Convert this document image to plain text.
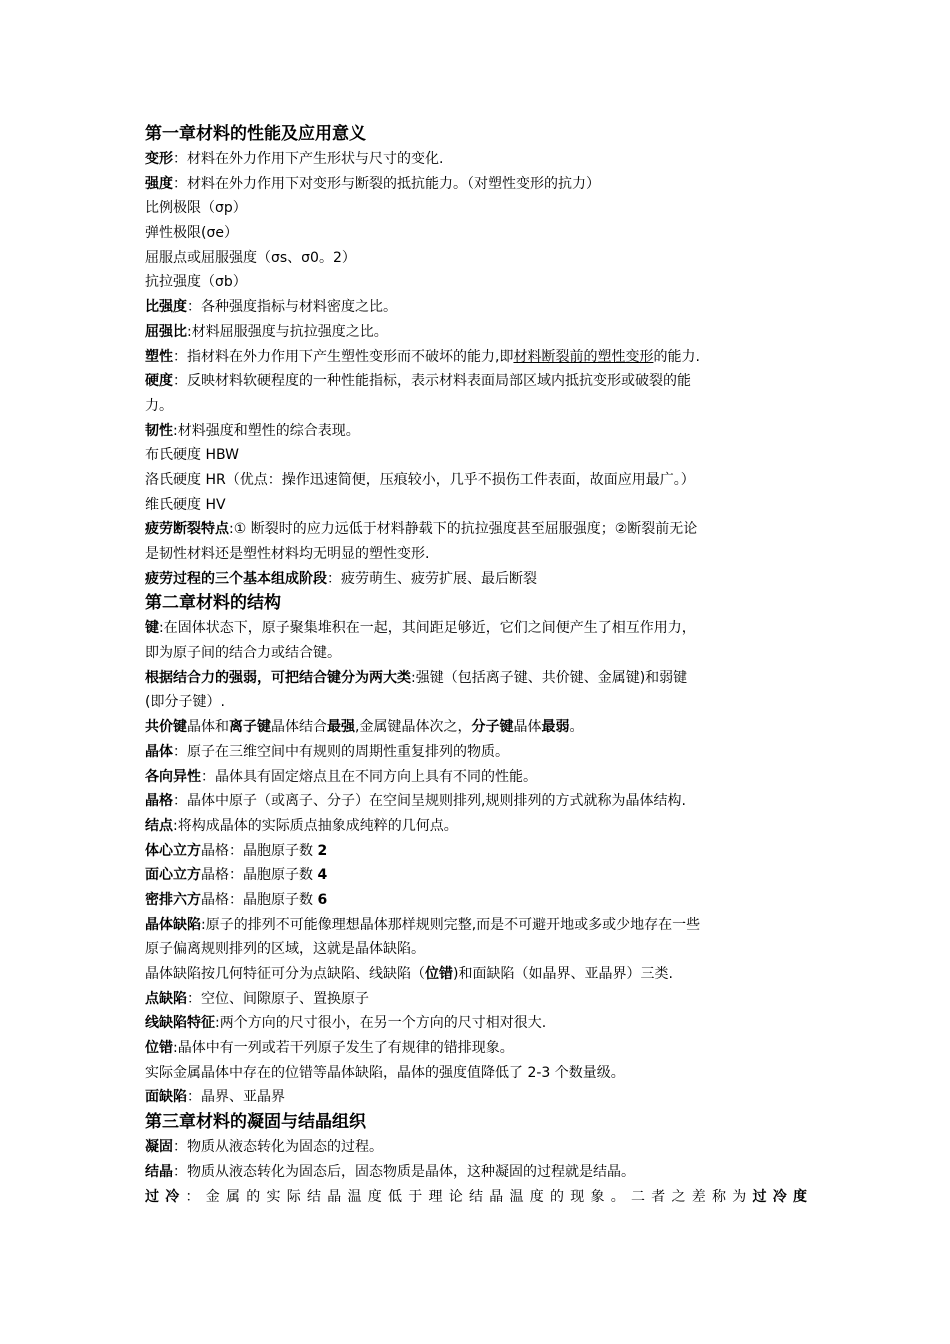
第一章材料的性能及应用意义
变形：材料在外力作用下产生形状与尺寸的变化.
强度：材料在外力作用下对变形与断裂的抵抗能力。（对塑性变形的抗力）
比例极限（σp）
弹性极限(σe）
屈服点或屈服强度（σs、σ0。2）
抗拉强度（σb）
比强度：各种强度指标与材料密度之比。
屈强比:材料屈服强度与抗拉强度之比。
塑性：指材料在外力作用下产生塑性变形而不破坏的能力,即材料断裂前的塑性变形的能力.
硬度：反映材料软硬程度的一种性能指标，表示材料表面局部区域内抵抗变形或破裂的能
力。
韧性:材料强度和塑性的综合表现。
布氏硬度 HBW
洛氏硬度 HR（优点：操作迅速简便，压痕较小，几乎不损伤工件表面，故面应用最广。）
维氏硬度 HV
疲劳断裂特点:① 断裂时的应力远低于材料静载下的抗拉强度甚至屈服强度；②断裂前无论
是韧性材料还是塑性材料均无明显的塑性变形.
疲劳过程的三个基本组成阶段：疲劳萌生、疲劳扩展、最后断裂
第二章材料的结构
键:在固体状态下，原子聚集堆积在一起，其间距足够近，它们之间便产生了相互作用力，
即为原子间的结合力或结合键。
根据结合力的强弱，可把结合键分为两大类:强键（包括离子键、共价键、金属键)和弱键
(即分子键）.
共价键晶体和离子键晶体结合最强,金属键晶体次之，分子键晶体最弱。
晶体：原子在三维空间中有规则的周期性重复排列的物质。
各向异性：晶体具有固定熔点且在不同方向上具有不同的性能。
晶格：晶体中原子（或离子、分子）在空间呈规则排列,规则排列的方式就称为晶体结构.
结点:将构成晶体的实际质点抽象成纯粹的几何点。
体心立方晶格：晶胞原子数 2
面心立方晶格：晶胞原子数 4
密排六方晶格：晶胞原子数 6
晶体缺陷:原子的排列不可能像理想晶体那样规则完整,而是不可避开地或多或少地存在一些
原子偏离规则排列的区域，这就是晶体缺陷。
晶体缺陷按几何特征可分为点缺陷、线缺陷（位错)和面缺陷（如晶界、亚晶界）三类.
点缺陷：空位、间隙原子、置换原子
线缺陷特征:两个方向的尺寸很小，在另一个方向的尺寸相对很大.
位错:晶体中有一列或若干列原子发生了有规律的错排现象。
实际金属晶体中存在的位错等晶体缺陷，晶体的强度值降低了 2-3 个数量级。
面缺陷：晶界、亚晶界
第三章材料的凝固与结晶组织
凝固：物质从液态转化为固态的过程。
结晶：物质从液态转化为固态后，固态物质是晶体，这种凝固的过程就是结晶。
过冷：金属的实际结晶温度低于理论结晶温度的现象。二者之差称为过冷度
